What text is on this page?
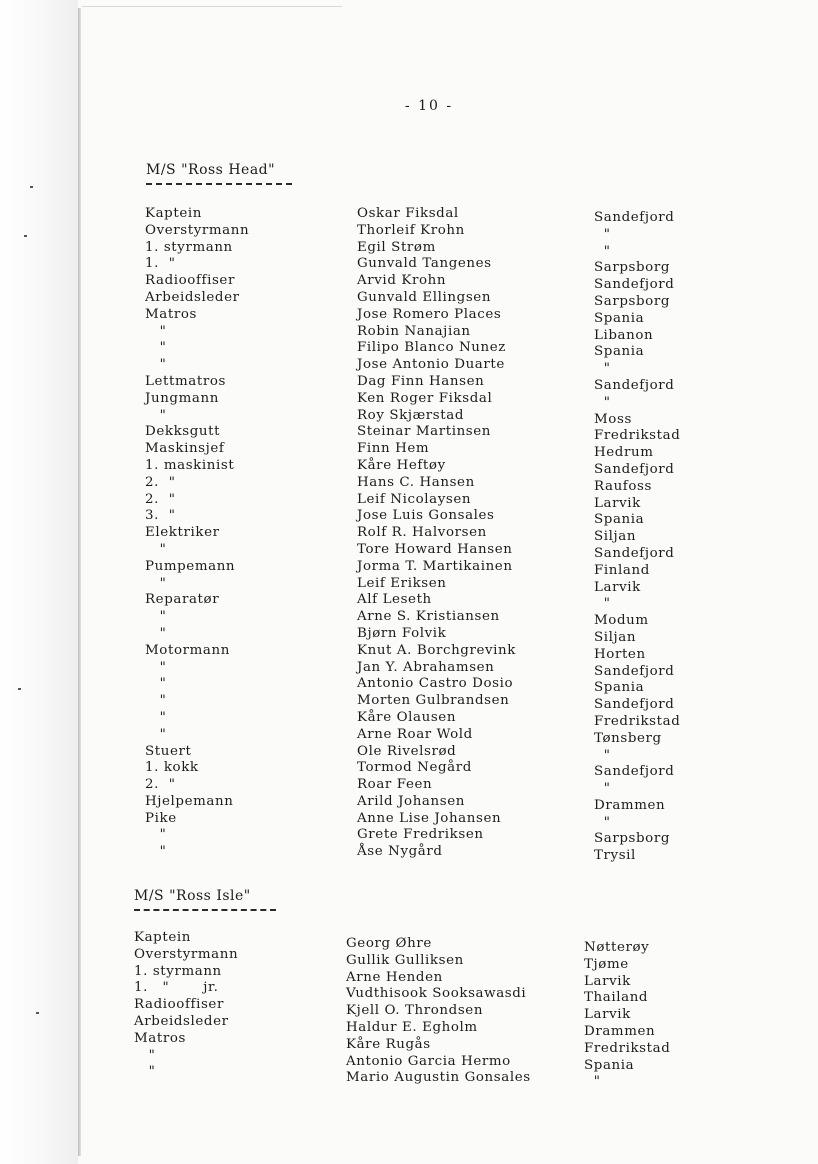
- 10 -
M/S "Ross Head"
Kaptein
Overstyrmann
1. styrmann
1.  "
Radiooffiser
Arbeidsleder
Matros
"
"
"
Lettmatros
Jungmann
"
Dekksgutt
Maskinsjef
1. maskinist
2.  "
2.  "
3.  "
Elektriker
"
Pumpemann
"
Reparatør
"
"
Motormann
"
"
"
"
"
Stuert
1. kokk
2.  "
Hjelpemann
Pike
"
"
Oskar Fiksdal
Thorleif Krohn
Egil Strøm
Gunvald Tangenes
Arvid Krohn
Gunvald Ellingsen
Jose Romero Places
Robin Nanajian
Filipo Blanco Nunez
Jose Antonio Duarte
Dag Finn Hansen
Ken Roger Fiksdal
Roy Skjærstad
Steinar Martinsen
Finn Hem
Kåre Heftøy
Hans C. Hansen
Leif Nicolaysen
Jose Luis Gonsales
Rolf R. Halvorsen
Tore Howard Hansen
Jorma T. Martikainen
Leif Eriksen
Alf Leseth
Arne S. Kristiansen
Bjørn Folvik
Knut A. Borchgrevink
Jan Y. Abrahamsen
Antonio Castro Dosio
Morten Gulbrandsen
Kåre Olausen
Arne Roar Wold
Ole Rivelsrød
Tormod Negård
Roar Feen
Arild Johansen
Anne Lise Johansen
Grete Fredriksen
Åse Nygård
Sandefjord
"
"
Sarpsborg
Sandefjord
Sarpsborg
Spania
Libanon
Spania
"
Sandefjord
"
Moss
Fredrikstad
Hedrum
Sandefjord
Raufoss
Larvik
Spania
Siljan
Sandefjord
Finland
Larvik
"
Modum
Siljan
Horten
Sandefjord
Spania
Sandefjord
Fredrikstad
Tønsberg
"
Sandefjord
"
Drammen
"
Sarpsborg
Trysil
M/S "Ross Isle"
Kaptein
Overstyrmann
1. styrmann
1.   "       jr.
Radiooffiser
Arbeidsleder
Matros
"
"
Georg Øhre
Gullik Gulliksen
Arne Henden
Vudthisook Sooksawasdi
Kjell O. Throndsen
Haldur E. Egholm
Kåre Rugås
Antonio Garcia Hermo
Mario Augustin Gonsales
Nøtterøy
Tjøme
Larvik
Thailand
Larvik
Drammen
Fredrikstad
Spania
"
